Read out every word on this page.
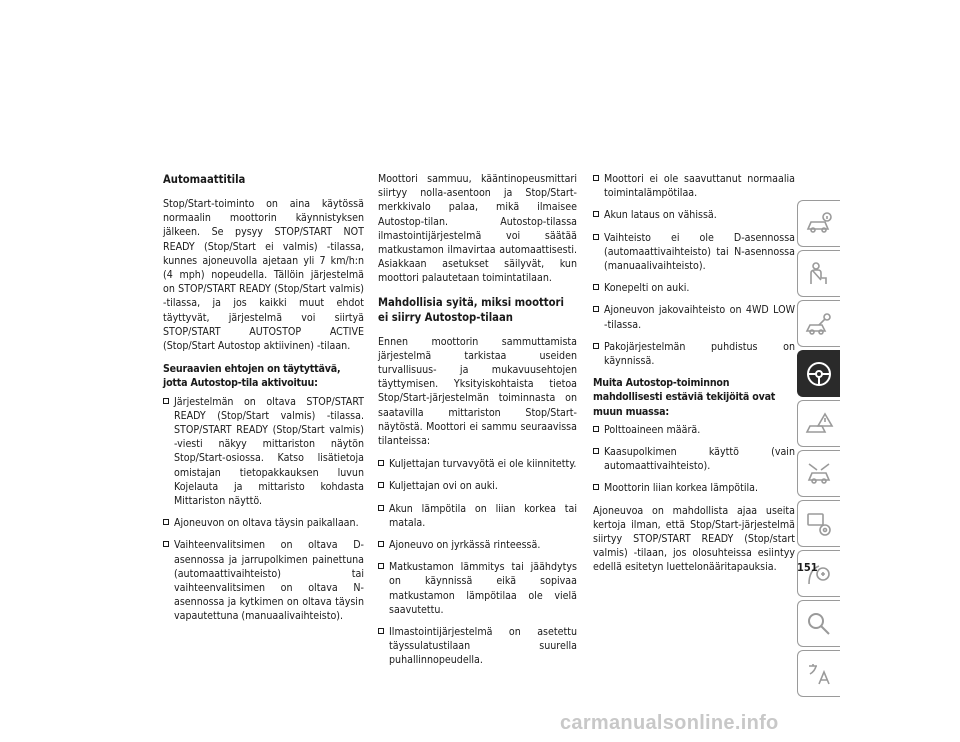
Automaattitila

Stop/Start-toiminto on aina käytössä normaalin moottorin käynnistyksen jälkeen. Se pysyy STOP/START NOT READY (Stop/Start ei valmis) -tilassa, kunnes ajoneuvolla ajetaan yli 7 km/h:n (4 mph) nopeudella. Tällöin järjestelmä on STOP/START READY (Stop/Start valmis) -tilassa, ja jos kaikki muut ehdot täyttyvät, järjestelmä voi siirtyä STOP/START AUTOSTOP ACTIVE (Stop/Start Autostop aktiivinen) -tilaan.

Seuraavien ehtojen on täytyttävä, jotta Autostop-tila aktivoituu:
Järjestelmän on oltava STOP/START READY (Stop/Start valmis) -tilassa. STOP/START READY (Stop/Start valmis) -viesti näkyy mittariston näytön Stop/Start-osiossa. Katso lisätietoja omistajan tietopakkauksen luvun Kojelauta ja mittaristo kohdasta Mittariston näyttö.
Ajoneuvon on oltava täysin paikallaan.
Vaihteenvalitsimen on oltava D-asennossa ja jarrupolkimen painettuna (automaattivaihteisto) tai vaihteenvalitsimen on oltava N-asennossa ja kytkimen on oltava täysin vapautettuna (manuaalivaihteisto).

Moottori sammuu, kääntinopeusmittari siirtyy nolla-asentoon ja Stop/Start-merkkivalo palaa, mikä ilmaisee Autostop-tilan. Autostop-tilassa ilmastointijärjestelmä voi säätää matkustamon ilmavirtaa automaattisesti. Asiakkaan asetukset säilyvät, kun moottori palautetaan toimintatilaan.

Mahdollisia syitä, miksi moottori ei siirry Autostop-tilaan

Ennen moottorin sammuttamista järjestelmä tarkistaa useiden turvallisuus- ja mukavuusehtojen täyttymisen. Yksityiskohtaista tietoa Stop/Start-järjestelmän toiminnasta on saatavilla mittariston Stop/Start-näytöstä. Moottori ei sammu seuraavissa tilanteissa:

Kuljettajan turvavyötä ei ole kiinnitetty.
Kuljettajan ovi on auki.
Akun lämpötila on liian korkea tai matala.
Ajoneuvo on jyrkässä rinteessä.
Matkustamon lämmitys tai jäähdytys on käynnissä eikä sopivaa matkustamon lämpötilaa ole vielä saavutettu.
Ilmastointijärjestelmä on asetettu täyssulatustilaan suurella puhallinnopeudella.
Moottori ei ole saavuttanut normaalia toimintalämpötilaa.
Akun lataus on vähissä.
Vaihteisto ei ole D-asennossa (automaattivaihteisto) tai N-asennossa (manuaalivaihteisto).
Konepelti on auki.
Ajoneuvon jakovaihteisto on 4WD LOW -tilassa.
Pakojärjestelmän puhdistus on käynnissä.
Muita Autostop-toiminnon mahdollisesti estäviä tekijöitä ovat muun muassa:
Polttoaineen määrä.
Kaasupolkimen käyttö (vain automaattivaihteisto).
Moottorin liian korkea lämpötila.

Ajoneuvoa on mahdollista ajaa useita kertoja ilman, että Stop/Start-järjestelmä siirtyy STOP/START READY (Stop/start valmis) -tilaan, jos olosuhteissa esiintyy edellä esitetyn luettelonääritapauksia.	151
carmanualsonline.info
